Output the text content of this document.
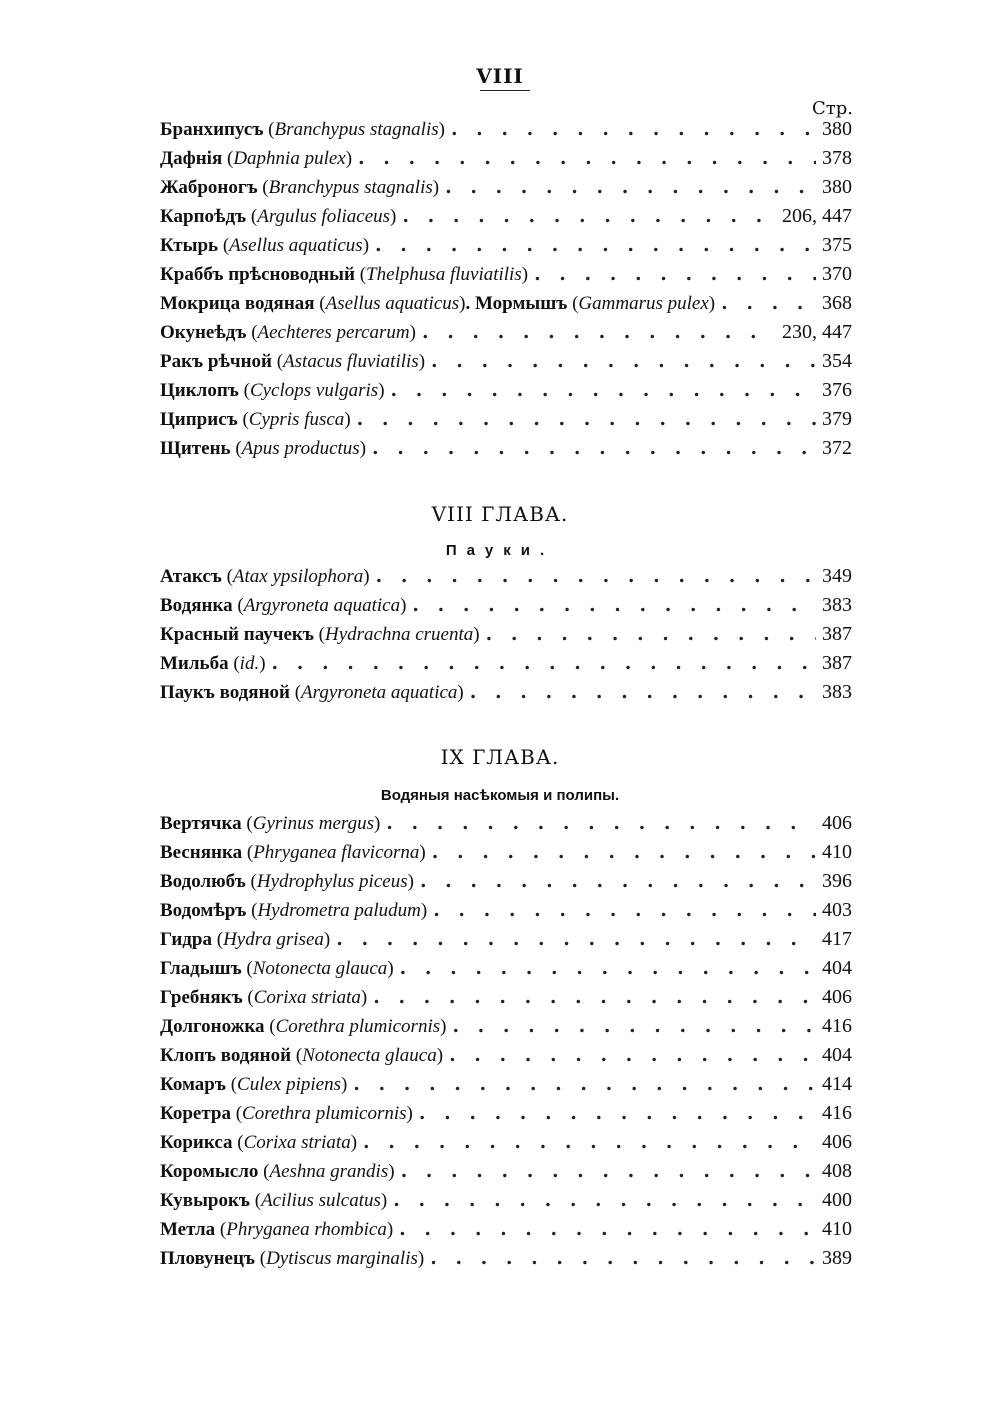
VIII
Стр.
Бранхипусъ ( Branchypus stagnalis ) . . .	380
Дафнія ( Daphnia pulex ) . . .	378
Жаброногъ ( Branchypus stagnalis ) . . .	380
Карпоѣдъ ( Argulus foliaceus ) . . .	206, 447
Ктырь ( Asellus aquaticus ) . . .	375
Краббъ прѣсноводный ( Thelphusa fluviatilis ) . . .	370
Мокрица водяная ( Asellus aquaticus ) . Мормышъ ( Gammarus pulex ) . . .	368
Окунеѣдъ ( Aechteres percarum ) . . .	230, 447
Ракъ рѣчной ( Astacus fluviatilis ) . . .	354
Циклопъ ( Cyclops vulgaris ) . . .	376
Циприсъ ( Cypris fusca ) . . .	379
Щитень ( Apus productus ) . . .	372
VIII ГЛАВА.
Пауки.
Атаксъ ( Atax ypsilophora ) . . .	349
Водянка ( Argyroneta aquatica ) . . .	383
Красный паучекъ ( Hydrachna cruenta ) . . .	387
Мильба ( id. ) . . .	387
Паукъ водяной ( Argyroneta aquatica ) . . .	383
IX ГЛАВА.
Водяныя насѣкомыя и полипы.
Вертячка ( Gyrinus mergus ) . . .	406
Веснянка ( Phryganea flavicorna ) . . .	410
Водолюбъ ( Hydrophylus piceus ) . . .	396
Водомѣръ ( Hydrometra paludum ) . . .	403
Гидра ( Hydra grisea ) . . .	417
Гладышъ ( Notonecta glauca ) . . .	404
Гребнякъ ( Corixa striata ) . . .	406
Долгоножка ( Corethra plumicornis ) . . .	416
Клопъ водяной ( Notonecta glauca ) . . .	404
Комаръ ( Culex pipiens ) . . .	414
Коретра ( Corethra plumicornis ) . . .	416
Корикса ( Corixa striata ) . . .	406
Коромысло ( Aeshna grandis ) . . .	408
Кувырокъ ( Acilius sulcatus ) . . .	400
Метла ( Phryganea rhombica ) . . .	410
Пловунецъ ( Dytiscus marginalis ) . . .	389
